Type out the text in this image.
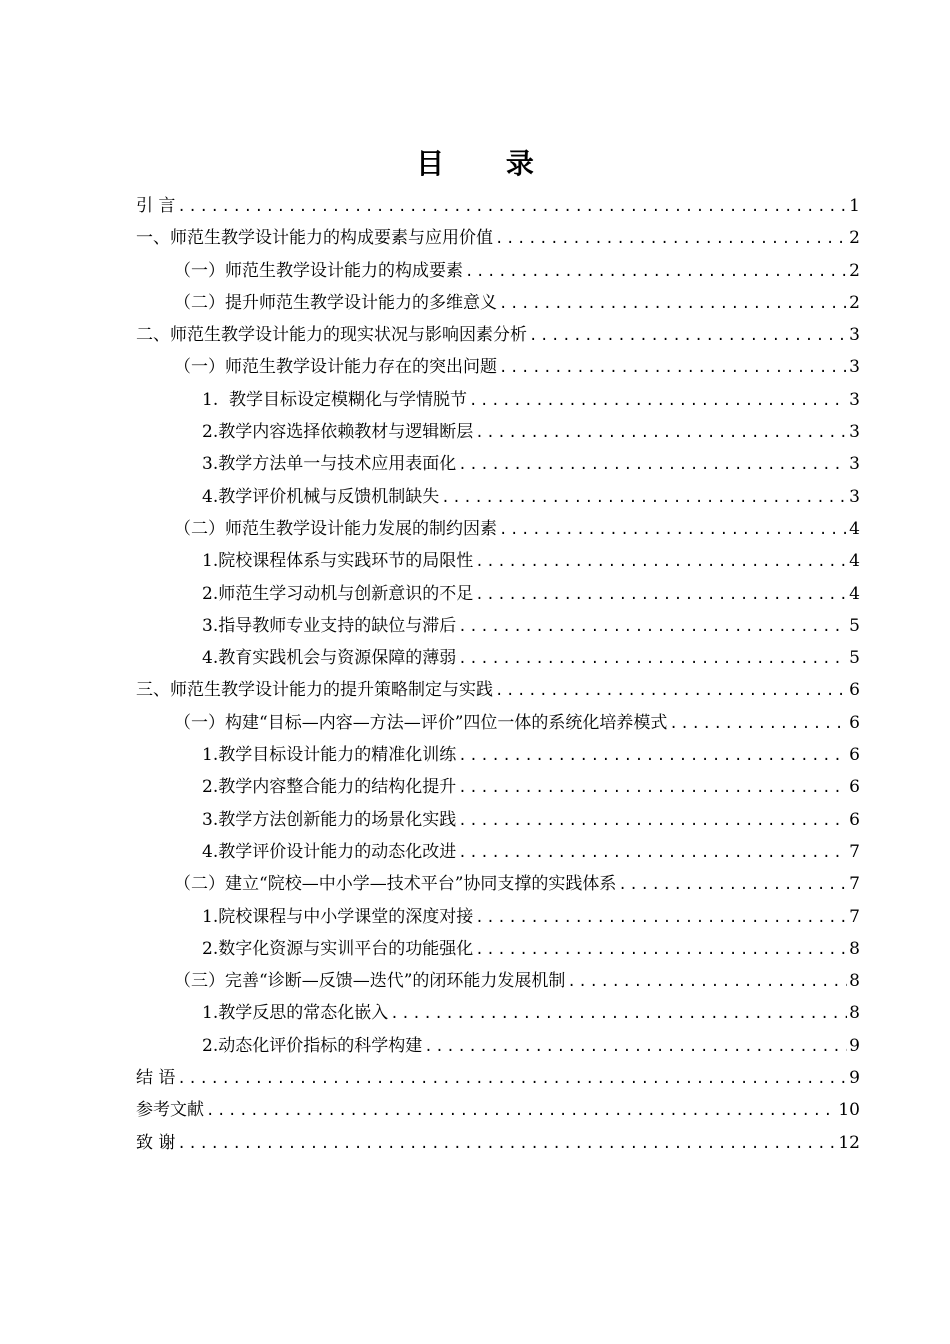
目 录
引 言 .....	1
一、师范生教学设计能力的构成要素与应用价值 .....	2
（一）师范生教学设计能力的构成要素 .....	2
（二）提升师范生教学设计能力的多维意义 .....	2
二、师范生教学设计能力的现实状况与影响因素分析 .....	3
（一）师范生教学设计能力存在的突出问题 .....	3
1.  教学目标设定模糊化与学情脱节 .....	3
2.教学内容选择依赖教材与逻辑断层 .....	3
3.教学方法单一与技术应用表面化 .....	3
4.教学评价机械与反馈机制缺失 .....	3
（二）师范生教学设计能力发展的制约因素 .....	4
1.院校课程体系与实践环节的局限性 .....	4
2.师范生学习动机与创新意识的不足 .....	4
3.指导教师专业支持的缺位与滞后 .....	5
4.教育实践机会与资源保障的薄弱 .....	5
三、师范生教学设计能力的提升策略制定与实践 .....	6
（一）构建“目标—内容—方法—评价”四位一体的系统化培养模式 .....	6
1.教学目标设计能力的精准化训练 .....	6
2.教学内容整合能力的结构化提升 .....	6
3.教学方法创新能力的场景化实践 .....	6
4.教学评价设计能力的动态化改进 .....	7
（二）建立“院校—中小学—技术平台”协同支撑的实践体系 .....	7
1.院校课程与中小学课堂的深度对接 .....	7
2.数字化资源与实训平台的功能强化 .....	8
（三）完善“诊断—反馈—迭代”的闭环能力发展机制 .....	8
1.教学反思的常态化嵌入 .....	8
2.动态化评价指标的科学构建 .....	9
结 语 .....	9
参考文献 .....	10
致 谢 .....	12
